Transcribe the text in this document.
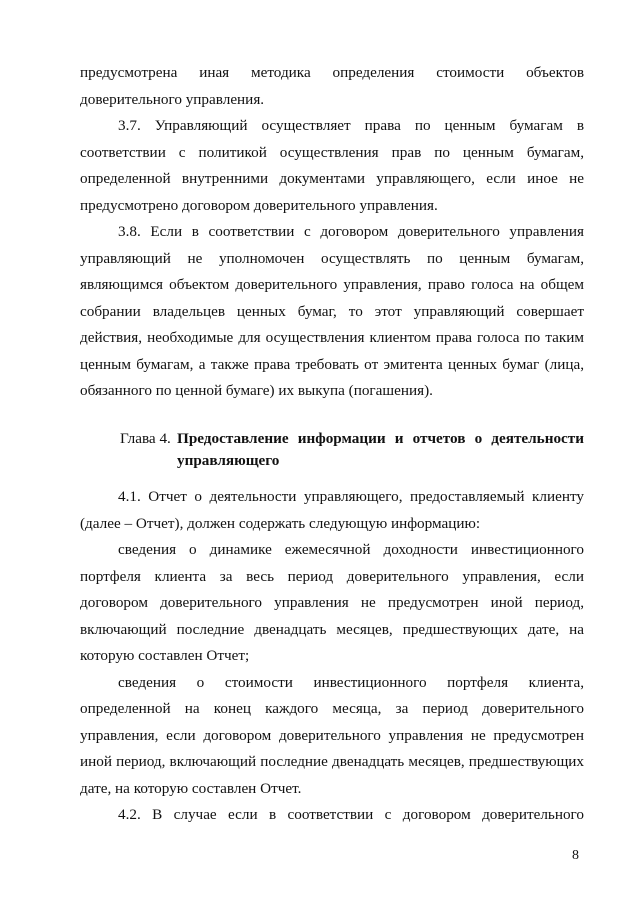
предусмотрена иная методика определения стоимости объектов доверительного управления.

3.7. Управляющий осуществляет права по ценным бумагам в соответствии с политикой осуществления прав по ценным бумагам, определенной внутренними документами управляющего, если иное не предусмотрено договором доверительного управления.

3.8. Если в соответствии с договором доверительного управления управляющий не уполномочен осуществлять по ценным бумагам, являющимся объектом доверительного управления, право голоса на общем собрании владельцев ценных бумаг, то этот управляющий совершает действия, необходимые для осуществления клиентом права голоса по таким ценным бумагам, а также права требовать от эмитента ценных бумаг (лица, обязанного по ценной бумаге) их выкупа (погашения).

Глава 4. Предоставление информации и отчетов о деятельности управляющего

4.1. Отчет о деятельности управляющего, предоставляемый клиенту (далее – Отчет), должен содержать следующую информацию:

сведения о динамике ежемесячной доходности инвестиционного портфеля клиента за весь период доверительного управления, если договором доверительного управления не предусмотрен иной период, включающий последние двенадцать месяцев, предшествующих дате, на которую составлен Отчет;

сведения о стоимости инвестиционного портфеля клиента, определенной на конец каждого месяца, за период доверительного управления, если договором доверительного управления не предусмотрен иной период, включающий последние двенадцать месяцев, предшествующих дате, на которую составлен Отчет.

4.2. В случае если в соответствии с договором доверительного

8
